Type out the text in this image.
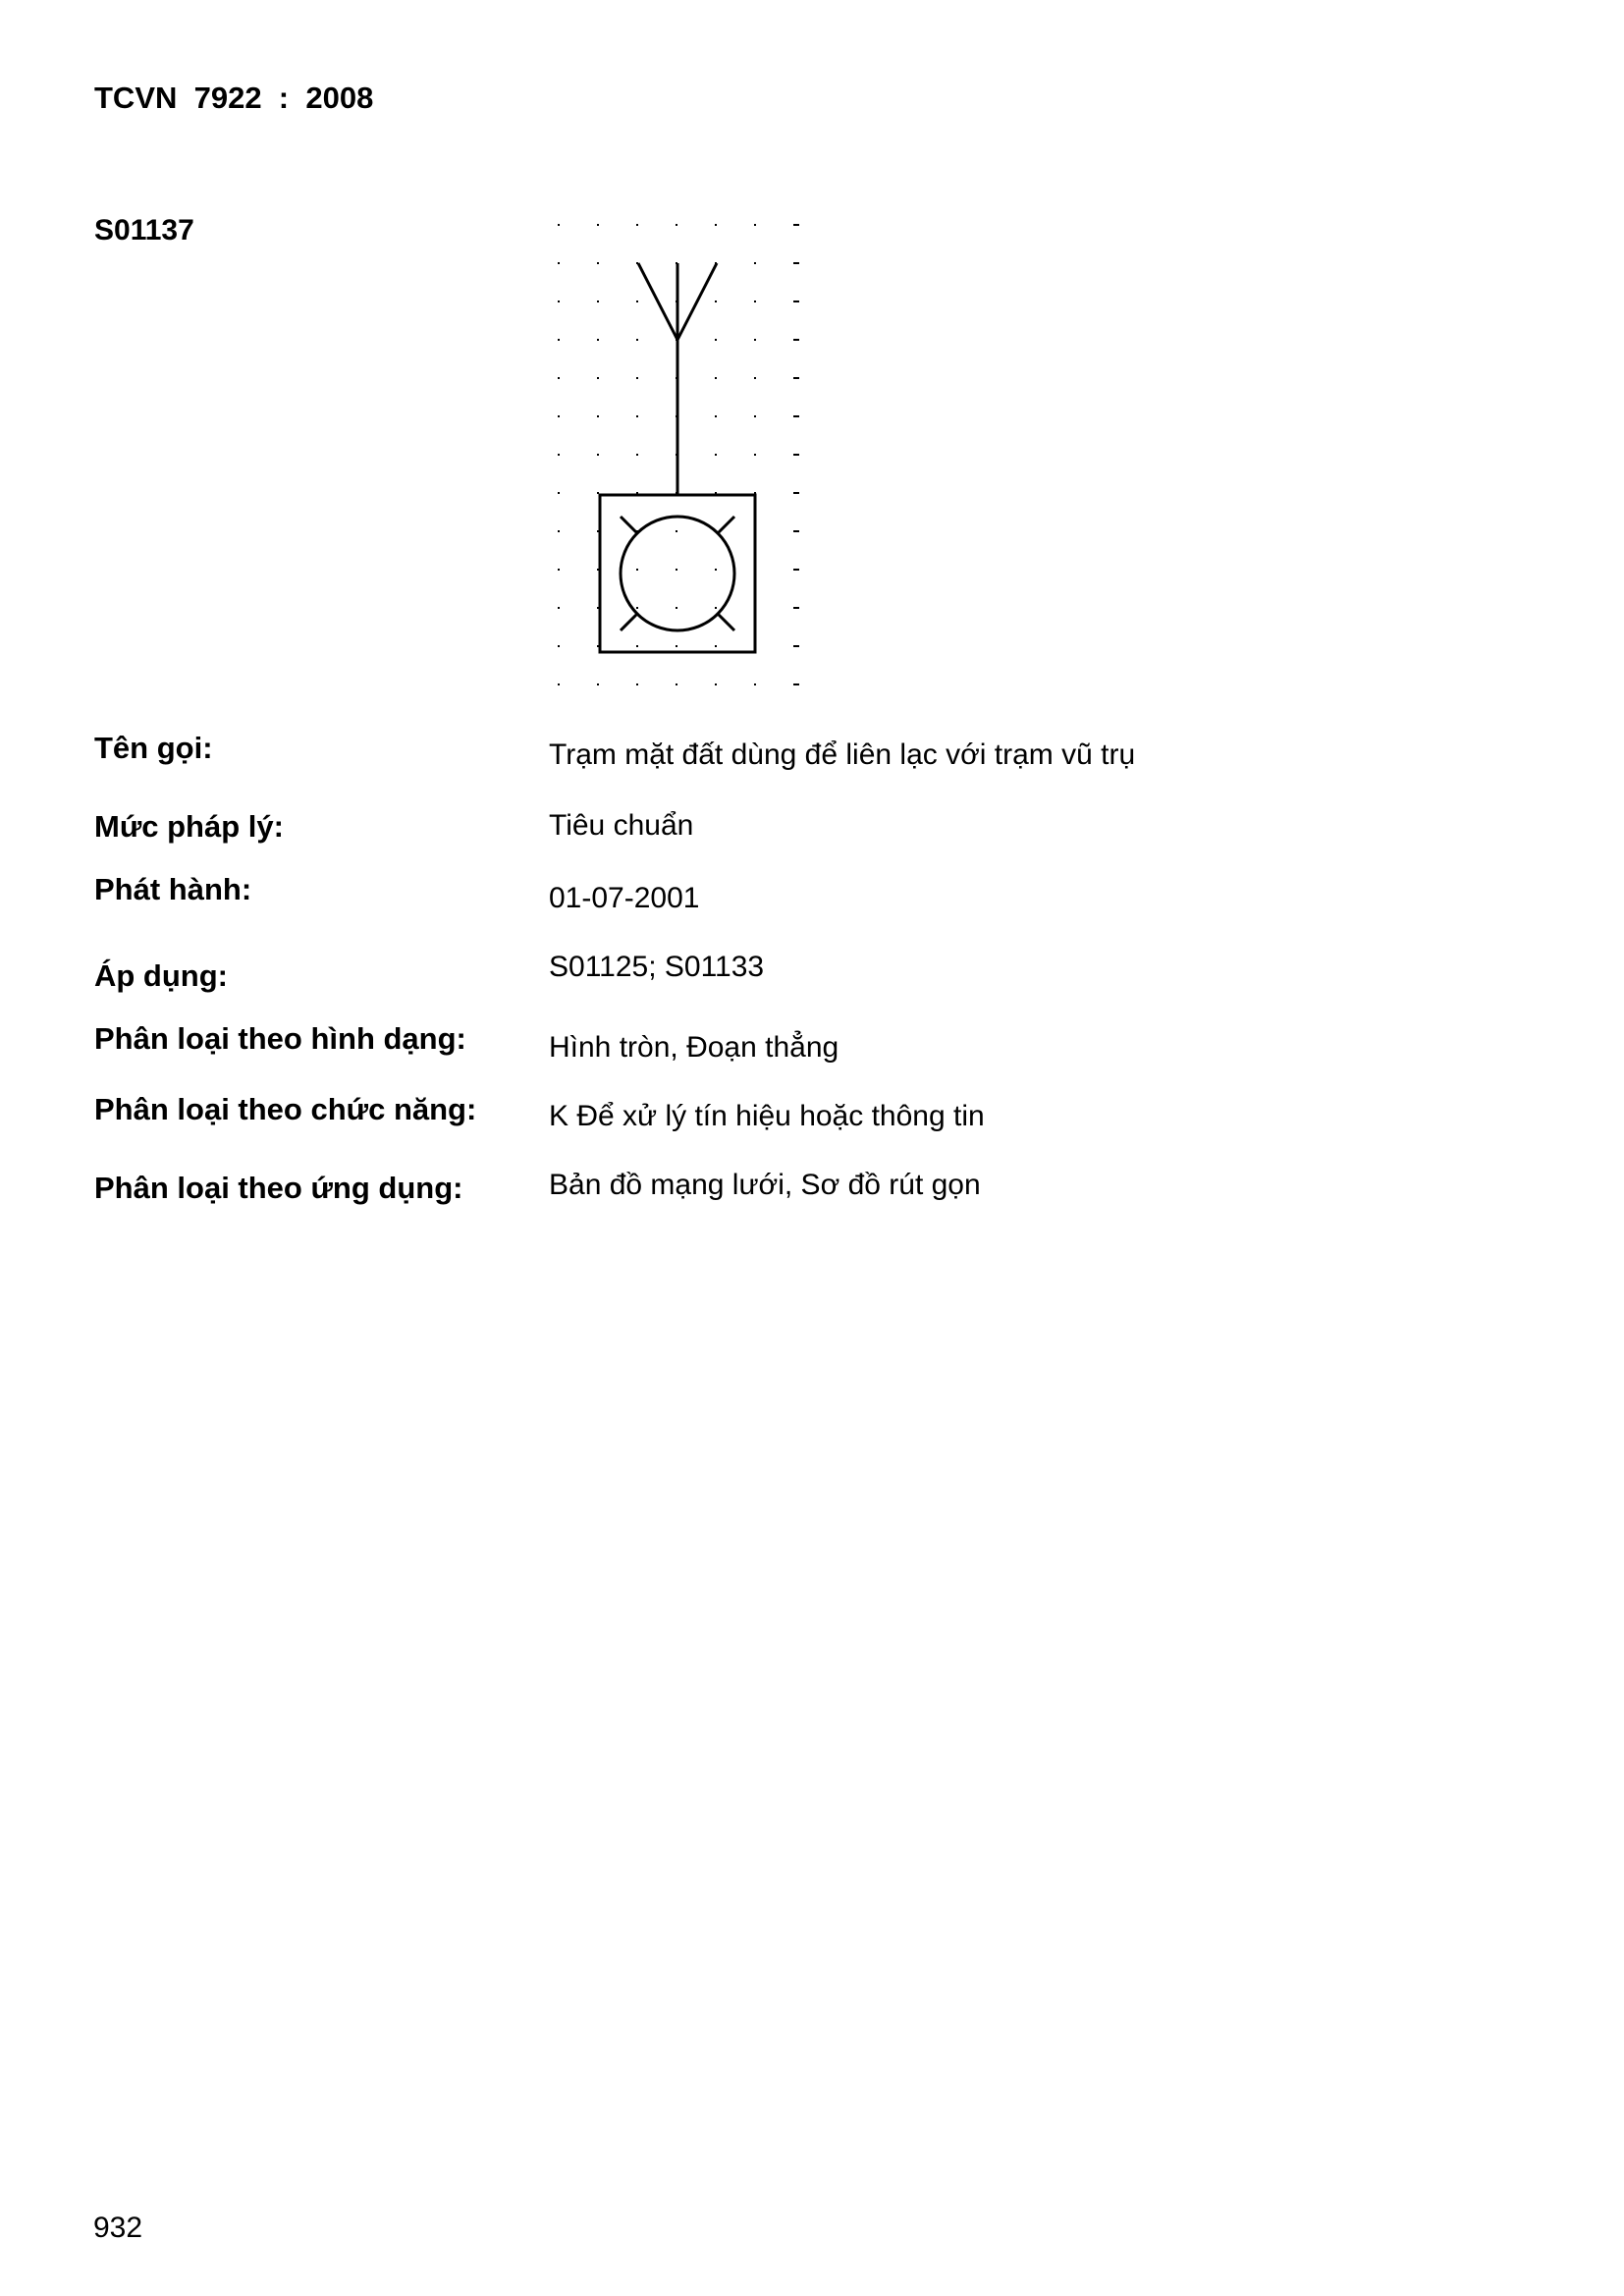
TCVN  7922  :  2008
S01137
Tên gọi:	Trạm mặt đất dùng để liên lạc với trạm vũ trụ
Mức pháp lý:	Tiêu chuẩn
Phát hành:	01-07-2001
Áp dụng:	S01125; S01133
Phân loại theo hình dạng:	Hình tròn, Đoạn thẳng
Phân loại theo chức năng: K Để xử lý tín hiệu hoặc thông tin
Phân loại theo ứng dụng:	Bản đồ mạng lưới, Sơ đồ rút gọn
932
